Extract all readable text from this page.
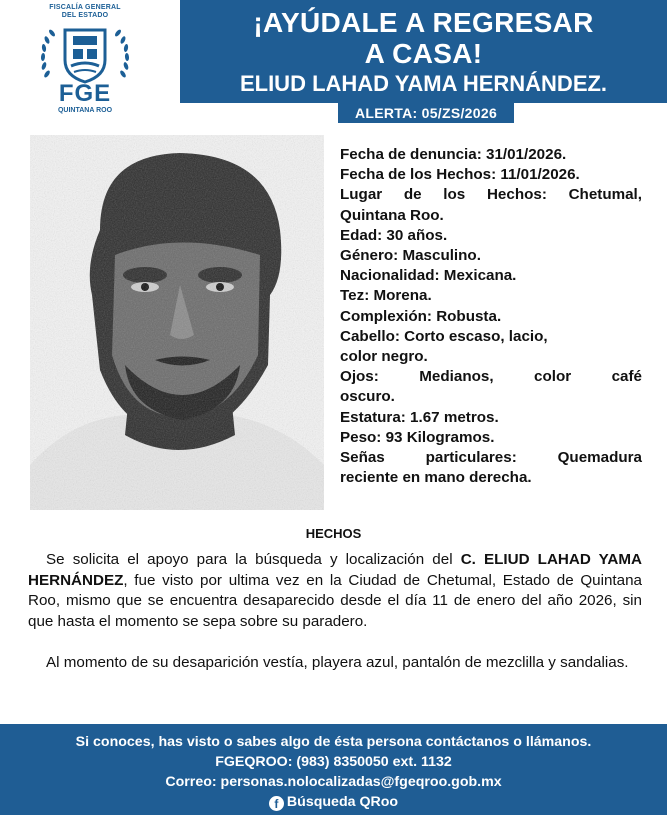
FISCALÍA GENERAL
DEL ESTADO
FGE
QUINTANA ROO
¡AYÚDALE A REGRESAR
A CASA!
ELIUD LAHAD YAMA HERNÁNDEZ.
ALERTA: 05/ZS/2026

Fecha de denuncia: 31/01/2026.

Fecha de los Hechos: 11/01/2026.

Lugar de los Hechos: Chetumal,

Quintana Roo.

Edad: 30 años.

Género: Masculino.

Nacionalidad: Mexicana.

Tez: Morena.

Complexión: Robusta.

Cabello: Corto escaso, lacio,

color negro.

Ojos: Medianos, color café

oscuro.

Estatura: 1.67 metros.

Peso: 93 Kilogramos.

Señas particulares: Quemadura

reciente en mano derecha.

HECHOS

Se solicita el apoyo para la búsqueda y localización del C. ELIUD LAHAD YAMA HERNÁNDEZ, fue visto por ultima vez en la Ciudad de Chetumal, Estado de Quintana Roo, mismo que se encuentra desaparecido desde el día 11 de enero del año 2026, sin que hasta el momento se sepa sobre su paradero.

Al momento de su desaparición vestía, playera azul, pantalón de mezclilla y sandalias.

Si conoces, has visto o sabes algo de ésta persona contáctanos o llámanos.
FGEQROO: (983) 8350050 ext. 1132
Correo: personas.nolocalizadas@fgeqroo.gob.mx
f Búsqueda QRoo
